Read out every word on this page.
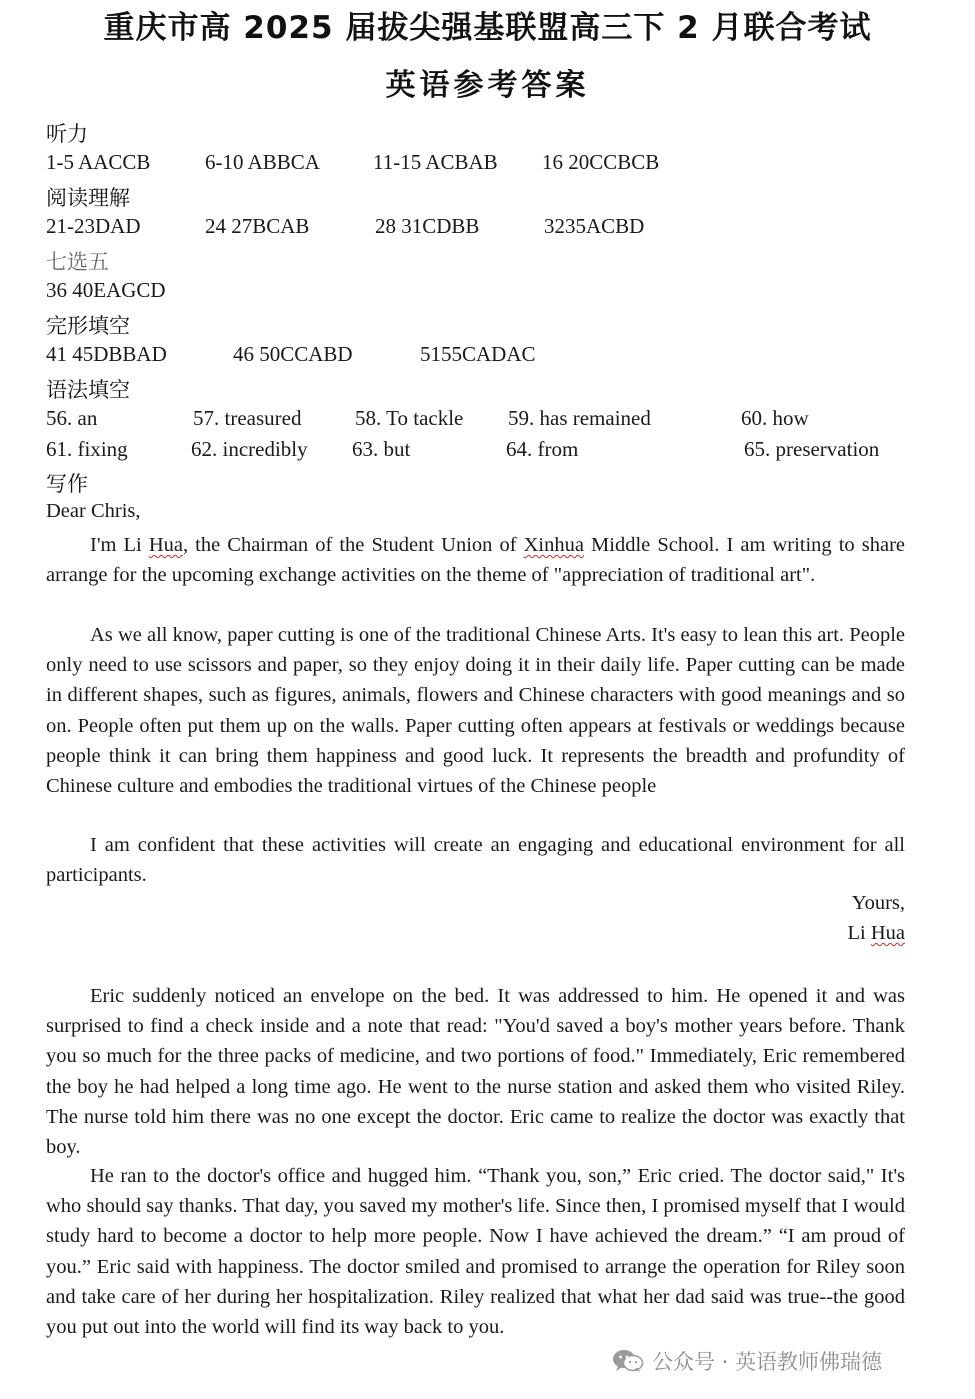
重庆市高 2025 届拔尖强基联盟高三下 2 月联合考试
英语参考答案
听力
1-5 AACCB	6-10 ABBCA	11-15 ACBAB 16 20CCBCB
阅读理解
21-23DAD	24 27BCAB	28 31CDBB	3235ACBD
七选五
36 40EAGCD
完形填空
41 45DBBAD	46 50CCABD	5155CADAC
语法填空
56. an	57. treasured	58. To tackle 59. has remained	60. how
61. fixing	62. incredibly 63. but	64. from	65. preservation
写作
Dear Chris,

I'm Li Hua, the Chairman of the Student Union of Xinhua Middle School. I am writing to share arrange for the upcoming exchange activities on the theme of "appreciation of traditional art".

As we all know, paper cutting is one of the traditional Chinese Arts. It's easy to lean this art. People only need to use scissors and paper, so they enjoy doing it in their daily life. Paper cutting can be made in different shapes, such as figures, animals, flowers and Chinese characters with good meanings and so on. People often put them up on the walls. Paper cutting often appears at festivals or weddings because people think it can bring them happiness and good luck. It represents the breadth and profundity of Chinese culture and embodies the traditional virtues of the Chinese people

I am confident that these activities will create an engaging and educational environment for all participants.

Yours,
Li Hua

Eric suddenly noticed an envelope on the bed. It was addressed to him. He opened it and was surprised to find a check inside and a note that read: "You'd saved a boy's mother years before. Thank you so much for the three packs of medicine, and two portions of food." Immediately, Eric remembered the boy he had helped a long time ago. He went to the nurse station and asked them who visited Riley. The nurse told him there was no one except the doctor. Eric came to realize the doctor was exactly that boy.

He ran to the doctor's office and hugged him. “Thank you, son,” Eric cried. The doctor said," It's who should say thanks. That day, you saved my mother's life. Since then, I promised myself that I would study hard to become a doctor to help more people. Now I have achieved the dream.” “I am proud of you.” Eric said with happiness. The doctor smiled and promised to arrange the operation for Riley soon and take care of her during her hospitalization. Riley realized that what her dad said was true--the good you put out into the world will find its way back to you.

公众号 · 英语教师佛瑞德
